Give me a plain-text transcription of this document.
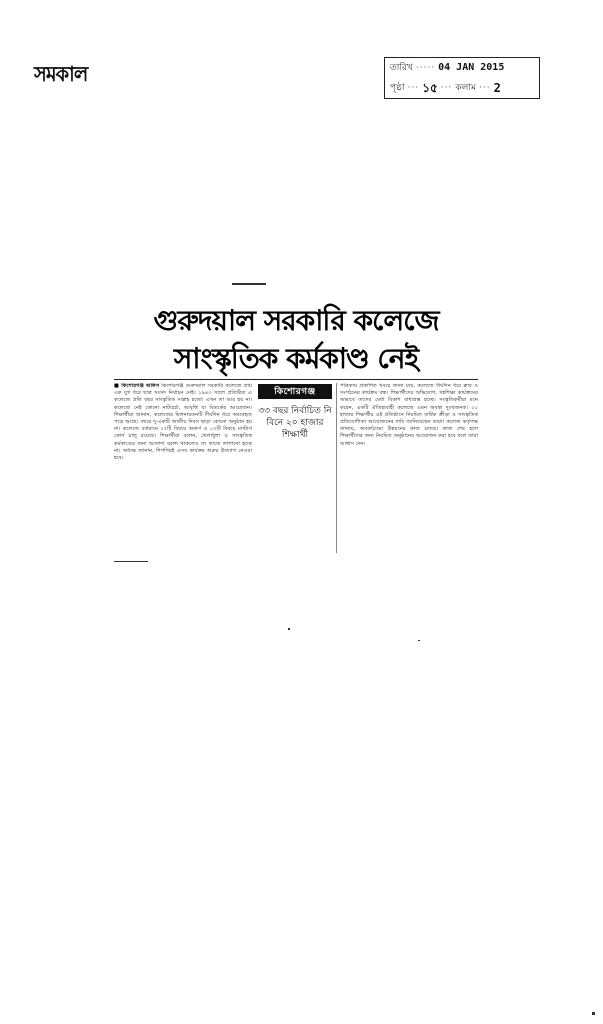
সমকাল	তারিখ ····· 04 JAN 2015
পৃষ্ঠা ··· ১৫ ··· কলাম ··· 2
গুরুদয়াল সরকারি কলেজে
সাংস্কৃতিক কর্মকাণ্ড নেই

■ কিশোরগঞ্জ অফিস কিশোরগঞ্জ গুরুদয়াল সরকারি কলেজে প্রায় এক যুগ ধরে ছাত্র সংসদ নির্বাচন নেই। ১৯৪৩ সালে প্রতিষ্ঠিত এ কলেজে প্রতি বছর সাংস্কৃতিক সপ্তাহ হতো। এখন তা আর হয় না। কলেজে নেই কোনো নাট্যচর্চা, আবৃত্তি বা বিতর্কের আয়োজন। শিক্ষার্থীরা জানান, কলেজের মিলনায়তনটি দীর্ঘদিন ধরে অব্যবহৃত পড়ে আছে। বছরে দু-একটি জাতীয় দিবস ছাড়া কোনো অনুষ্ঠান হয় না। কলেজে বর্তমানে ১৭টি বিষয়ে অনার্স ও ১৩টি বিষয়ে মাস্টার্স কোর্স চালু রয়েছে। শিক্ষার্থীরা বলেন, খেলাধুলা ও সাংস্কৃতিক কর্মকাণ্ডের জন্য আলাদা বরাদ্দ থাকলেও তা কাজে লাগানো হচ্ছে না। অধ্যক্ষ জানান, শিগগিরই এসব কার্যক্রম শুরুর উদ্যোগ নেওয়া হবে।

কিশোরগঞ্জ
৩৩ বছর নির্বাচিত নি বিনে ২০ হাজার শিক্ষার্থী

পত্রিকায় প্রকাশিত খবরে জানা যায়, কলেজে দীর্ঘদিন ধরে ক্লাব ও সংগঠনের কার্যক্রম বন্ধ। শিক্ষার্থীদের অভিযোগ, সহশিক্ষা কার্যক্রমের অভাবে তাদের মেধা বিকাশ বাধাগ্রস্ত হচ্ছে। সংস্কৃতিকর্মীরা মনে করেন, একটি ঐতিহ্যবাহী কলেজে এমন অবস্থা দুঃখজনক। ২০ হাজার শিক্ষার্থীর এই প্রতিষ্ঠানে নিয়মিত বার্ষিক ক্রীড়া ও সাংস্কৃতিক প্রতিযোগিতা আয়োজনের দাবি জানিয়েছেন তারা। কলেজ কর্তৃপক্ষ জানায়, অবকাঠামো উন্নয়নের কাজ চলছে। কাজ শেষ হলে শিক্ষার্থীদের জন্য নিয়মিত অনুষ্ঠানের আয়োজন করা হবে বলে তারা আশ্বাস দেন।
